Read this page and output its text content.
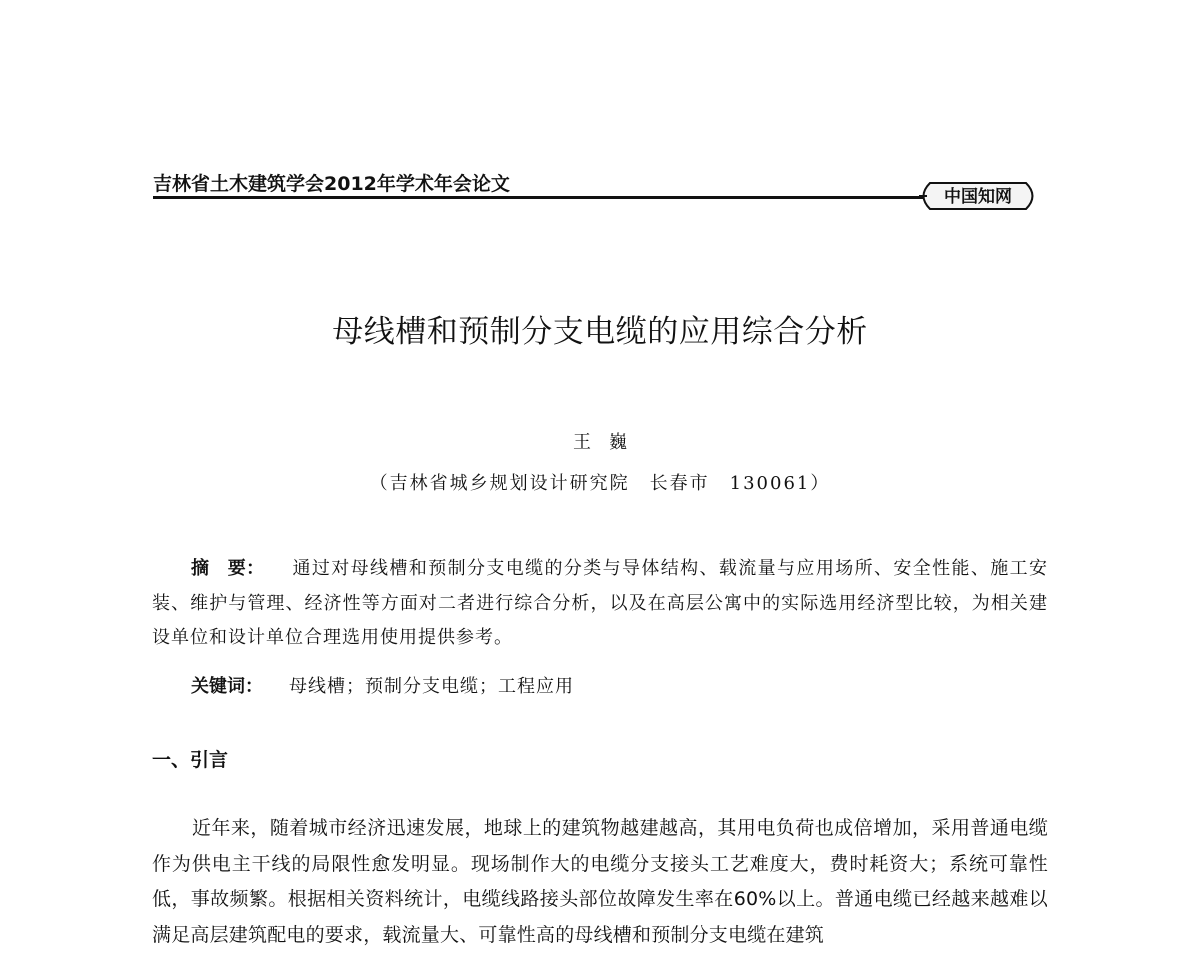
吉林省土木建筑学会2012年学术年会论文
中国知网
母线槽和预制分支电缆的应用综合分析
王巍
（吉林省城乡规划设计研究院　长春市　130061）
摘　要： 通过对母线槽和预制分支电缆的分类与导体结构、载流量与应用场所、安全性能、施工安装、维护与管理、经济性等方面对二者进行综合分析，以及在高层公寓中的实际选用经济型比较，为相关建设单位和设计单位合理选用使用提供参考。
关键词： 母线槽；预制分支电缆；工程应用
一、引言
近年来，随着城市经济迅速发展，地球上的建筑物越建越高，其用电负荷也成倍增加，采用普通电缆作为供电主干线的局限性愈发明显。现场制作大的电缆分支接头工艺难度大，费时耗资大；系统可靠性低，事故频繁。根据相关资料统计，电缆线路接头部位故障发生率在60%以上。普通电缆已经越来越难以满足高层建筑配电的要求，载流量大、可靠性高的母线槽和预制分支电缆在建筑
